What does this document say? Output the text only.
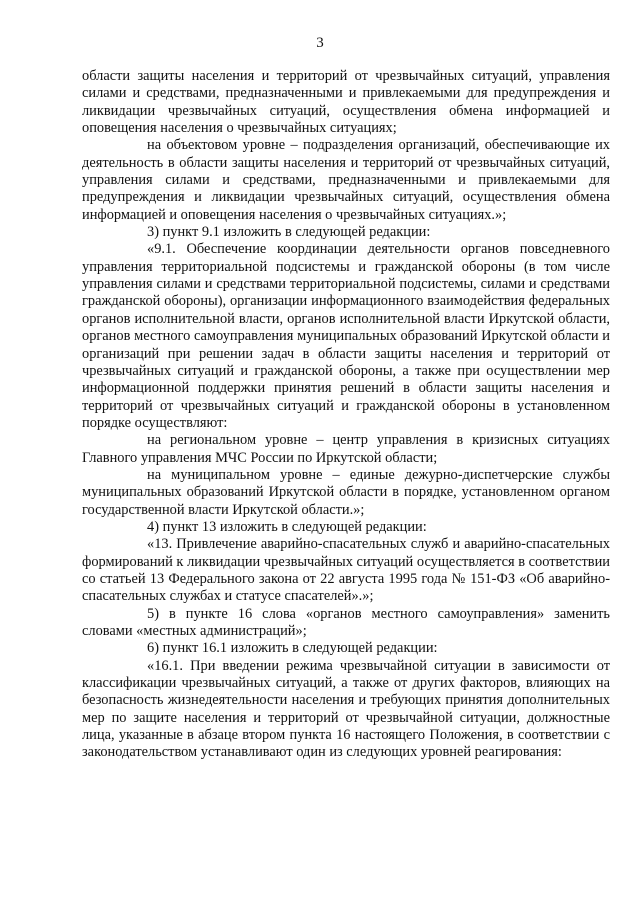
3

области защиты населения и территорий от чрезвычайных ситуаций, управления силами и средствами, предназначенными и привлекаемыми для предупреждения и ликвидации чрезвычайных ситуаций, осуществления обмена информацией и оповещения населения о чрезвычайных ситуациях;

на объектовом уровне – подразделения организаций, обеспечивающие их деятельность в области защиты населения и территорий от чрезвычайных ситуаций, управления силами и средствами, предназначенными и привлекаемыми для предупреждения и ликвидации чрезвычайных ситуаций, осуществления обмена информацией и оповещения населения о чрезвычайных ситуациях.»;

3) пункт 9.1 изложить в следующей редакции:

«9.1. Обеспечение координации деятельности органов повседневного управления территориальной подсистемы и гражданской обороны (в том числе управления силами и средствами территориальной подсистемы, силами и средствами гражданской обороны), организации информационного взаимодействия федеральных органов исполнительной власти, органов исполнительной власти Иркутской области, органов местного самоуправления муниципальных образований Иркутской области и организаций при решении задач в области защиты населения и территорий от чрезвычайных ситуаций и гражданской обороны, а также при осуществлении мер информационной поддержки принятия решений в области защиты населения и территорий от чрезвычайных ситуаций и гражданской обороны в установленном порядке осуществляют:

на региональном уровне – центр управления в кризисных ситуациях Главного управления МЧС России по Иркутской области;

на муниципальном уровне – единые дежурно-диспетчерские службы муниципальных образований Иркутской области в порядке, установленном органом государственной власти Иркутской области.»;

4) пункт 13 изложить в следующей редакции:

«13. Привлечение аварийно-спасательных служб и аварийно-спасательных формирований к ликвидации чрезвычайных ситуаций осуществляется в соответствии со статьей 13 Федерального закона от 22 августа 1995 года № 151-ФЗ «Об аварийно-спасательных службах и статусе спасателей».»;

5) в пункте 16 слова «органов местного самоуправления» заменить словами «местных администраций»;

6) пункт 16.1 изложить в следующей редакции:

«16.1. При введении режима чрезвычайной ситуации в зависимости от классификации чрезвычайных ситуаций, а также от других факторов, влияющих на безопасность жизнедеятельности населения и требующих принятия дополнительных мер по защите населения и территорий от чрезвычайной ситуации, должностные лица, указанные в абзаце втором пункта 16 настоящего Положения, в соответствии с законодательством устанавливают один из следующих уровней реагирования:
